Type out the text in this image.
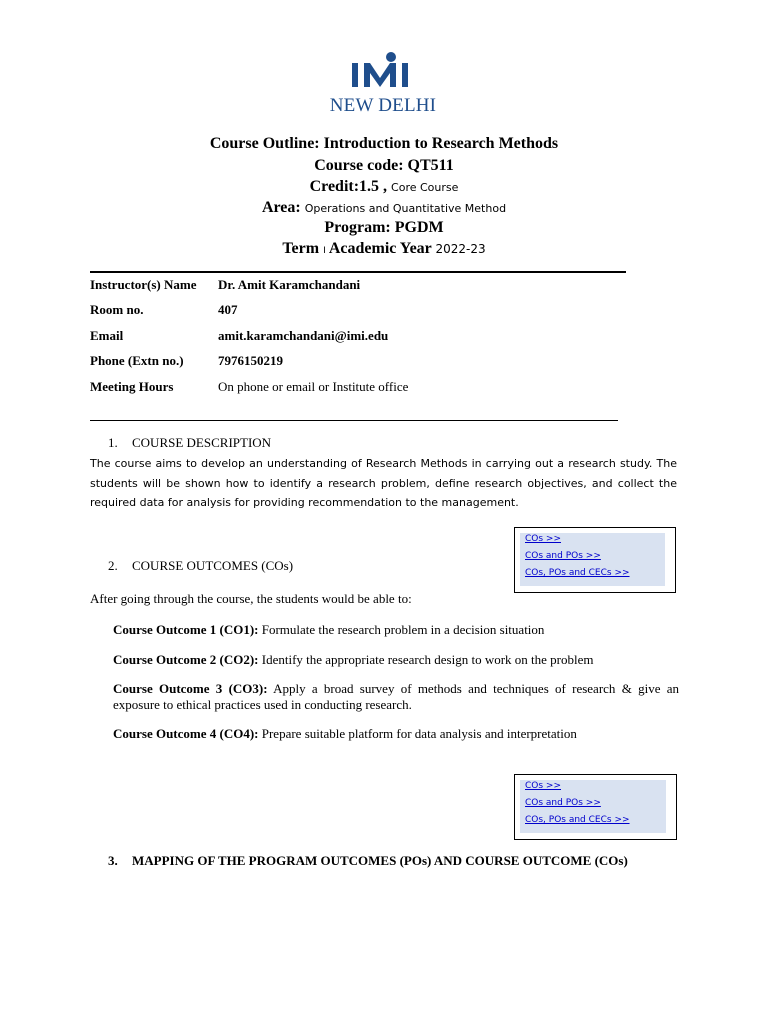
NEW DELHI
Course Outline: Introduction to Research Methods
Course code: QT511
Credit:1.5 , Core Course
Area: Operations and Quantitative Method
Program: PGDM
Term I Academic Year 2022-23
Instructor(s) Name	Dr. Amit Karamchandani
Room no.	407
Email	amit.karamchandani@imi.edu
Phone (Extn no.)	7976150219
Meeting Hours	On phone or email or Institute office
1. COURSE DESCRIPTION
The course aims to develop an understanding of Research Methods in carrying out a research study. The students will be shown how to identify a research problem, define research objectives, and collect the required data for analysis for providing recommendation to the management.
COs >>
COs and POs >>
COs, POs and CECs >>
2. COURSE OUTCOMES (COs)
After going through the course, the students would be able to:
Course Outcome 1 (CO1): Formulate the research problem in a decision situation
Course Outcome 2 (CO2): Identify the appropriate research design to work on the problem
Course Outcome 3 (CO3): Apply a broad survey of methods and techniques of research & give an exposure to ethical practices used in conducting research.
Course Outcome 4 (CO4): Prepare suitable platform for data analysis and interpretation
COs >>
COs and POs >>
COs, POs and CECs >>
3. MAPPING OF THE PROGRAM OUTCOMES (POs) AND COURSE OUTCOME (COs)
